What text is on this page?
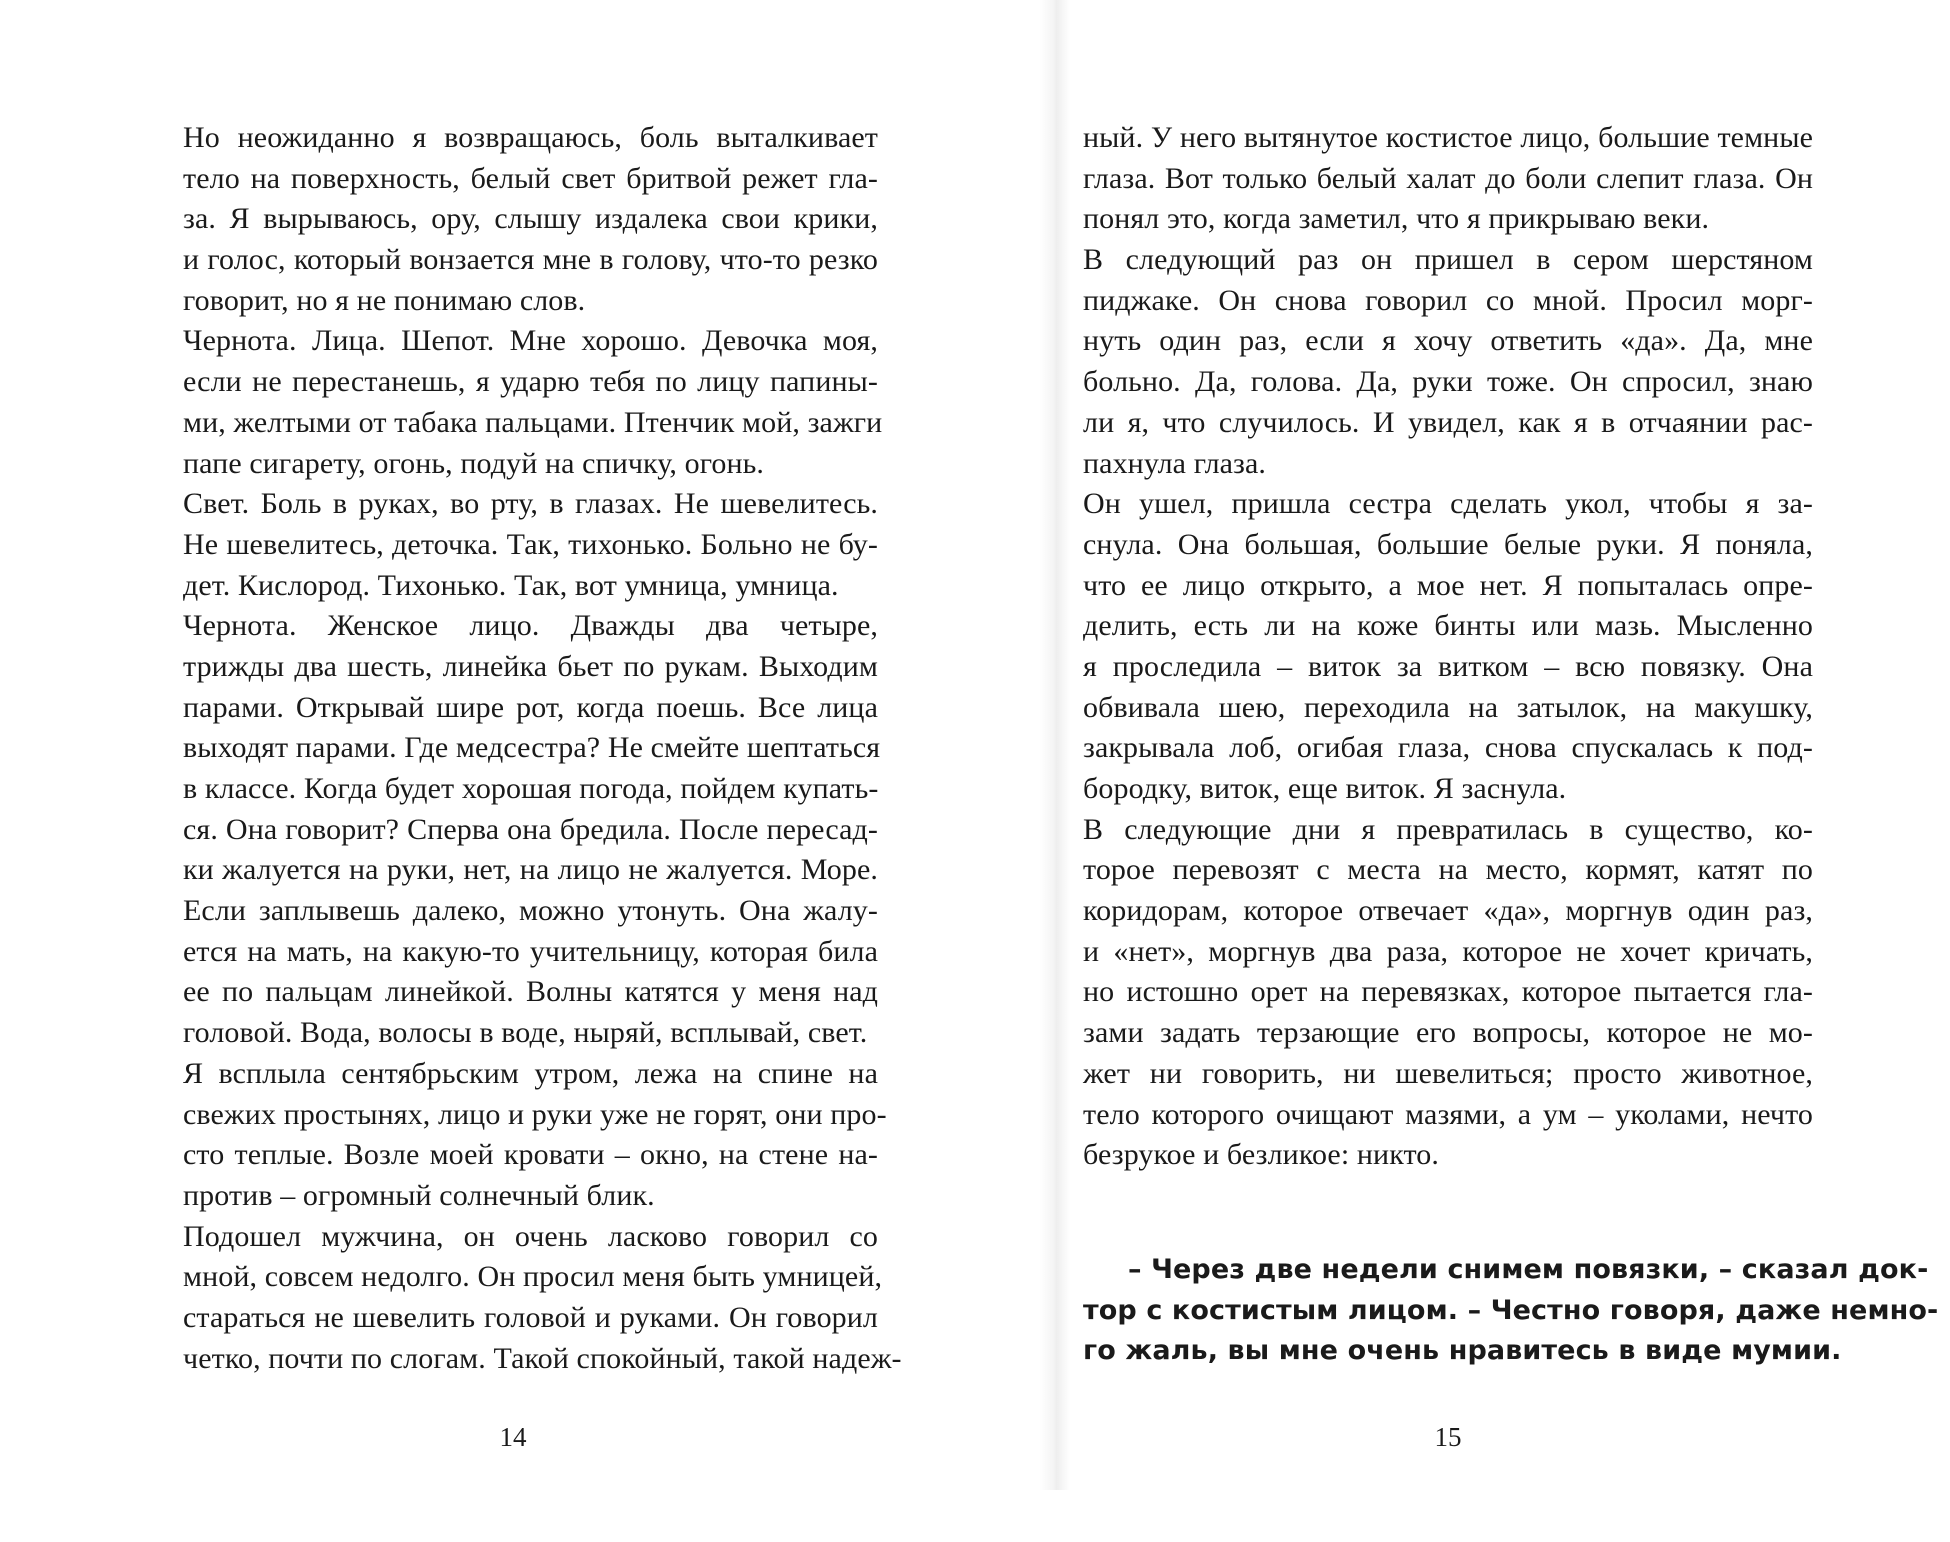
Но неожиданно я возвращаюсь, боль выталкивает
тело на поверхность, белый свет бритвой режет гла-
за. Я вырываюсь, ору, слышу издалека свои крики,
и голос, который вонзается мне в голову, что-то резко
говорит, но я не понимаю слов.
Чернота. Лица. Шепот. Мне хорошо. Девочка моя,
если не перестанешь, я ударю тебя по лицу папины-
ми, желтыми от табака пальцами. Птенчик мой, зажги
папе сигарету, огонь, подуй на спичку, огонь.
Свет. Боль в руках, во рту, в глазах. Не шевелитесь.
Не шевелитесь, деточка. Так, тихонько. Больно не бу-
дет. Кислород. Тихонько. Так, вот умница, умница.
Чернота. Женское лицо. Дважды два четыре,
трижды два шесть, линейка бьет по рукам. Выходим
парами. Открывай шире рот, когда поешь. Все лица
выходят парами. Где медсестра? Не смейте шептаться
в классе. Когда будет хорошая погода, пойдем купать-
ся. Она говорит? Сперва она бредила. После пересад-
ки жалуется на руки, нет, на лицо не жалуется. Море.
Если заплывешь далеко, можно утонуть. Она жалу-
ется на мать, на какую-то учительницу, которая била
ее по пальцам линейкой. Волны катятся у меня над
головой. Вода, волосы в воде, ныряй, всплывай, свет.
Я всплыла сентябрьским утром, лежа на спине на
свежих простынях, лицо и руки уже не горят, они про-
сто теплые. Возле моей кровати – окно, на стене на-
против – огромный солнечный блик.
Подошел мужчина, он очень ласково говорил со
мной, совсем недолго. Он просил меня быть умницей,
стараться не шевелить головой и руками. Он говорил
четко, почти по слогам. Такой спокойный, такой надеж-
ный. У него вытянутое костистое лицо, большие темные
глаза. Вот только белый халат до боли слепит глаза. Он
понял это, когда заметил, что я прикрываю веки.
В следующий раз он пришел в сером шерстяном
пиджаке. Он снова говорил со мной. Просил морг-
нуть один раз, если я хочу ответить «да». Да, мне
больно. Да, голова. Да, руки тоже. Он спросил, знаю
ли я, что случилось. И увидел, как я в отчаянии рас-
пахнула глаза.
Он ушел, пришла сестра сделать укол, чтобы я за-
снула. Она большая, большие белые руки. Я поняла,
что ее лицо открыто, а мое нет. Я попыталась опре-
делить, есть ли на коже бинты или мазь. Мысленно
я проследила – виток за витком – всю повязку. Она
обвивала шею, переходила на затылок, на макушку,
закрывала лоб, огибая глаза, снова спускалась к под-
бородку, виток, еще виток. Я заснула.
В следующие дни я превратилась в существо, ко-
торое перевозят с места на место, кормят, катят по
коридорам, которое отвечает «да», моргнув один раз,
и «нет», моргнув два раза, которое не хочет кричать,
но истошно орет на перевязках, которое пытается гла-
зами задать терзающие его вопросы, которое не мо-
жет ни говорить, ни шевелиться; просто животное,
тело которого очищают мазями, а ум – уколами, нечто
безрукое и безликое: никто.
– Через две недели снимем повязки, – сказал док-
тор с костистым лицом. – Честно говоря, даже немно-
го жаль, вы мне очень нравитесь в виде мумии.
14	15
